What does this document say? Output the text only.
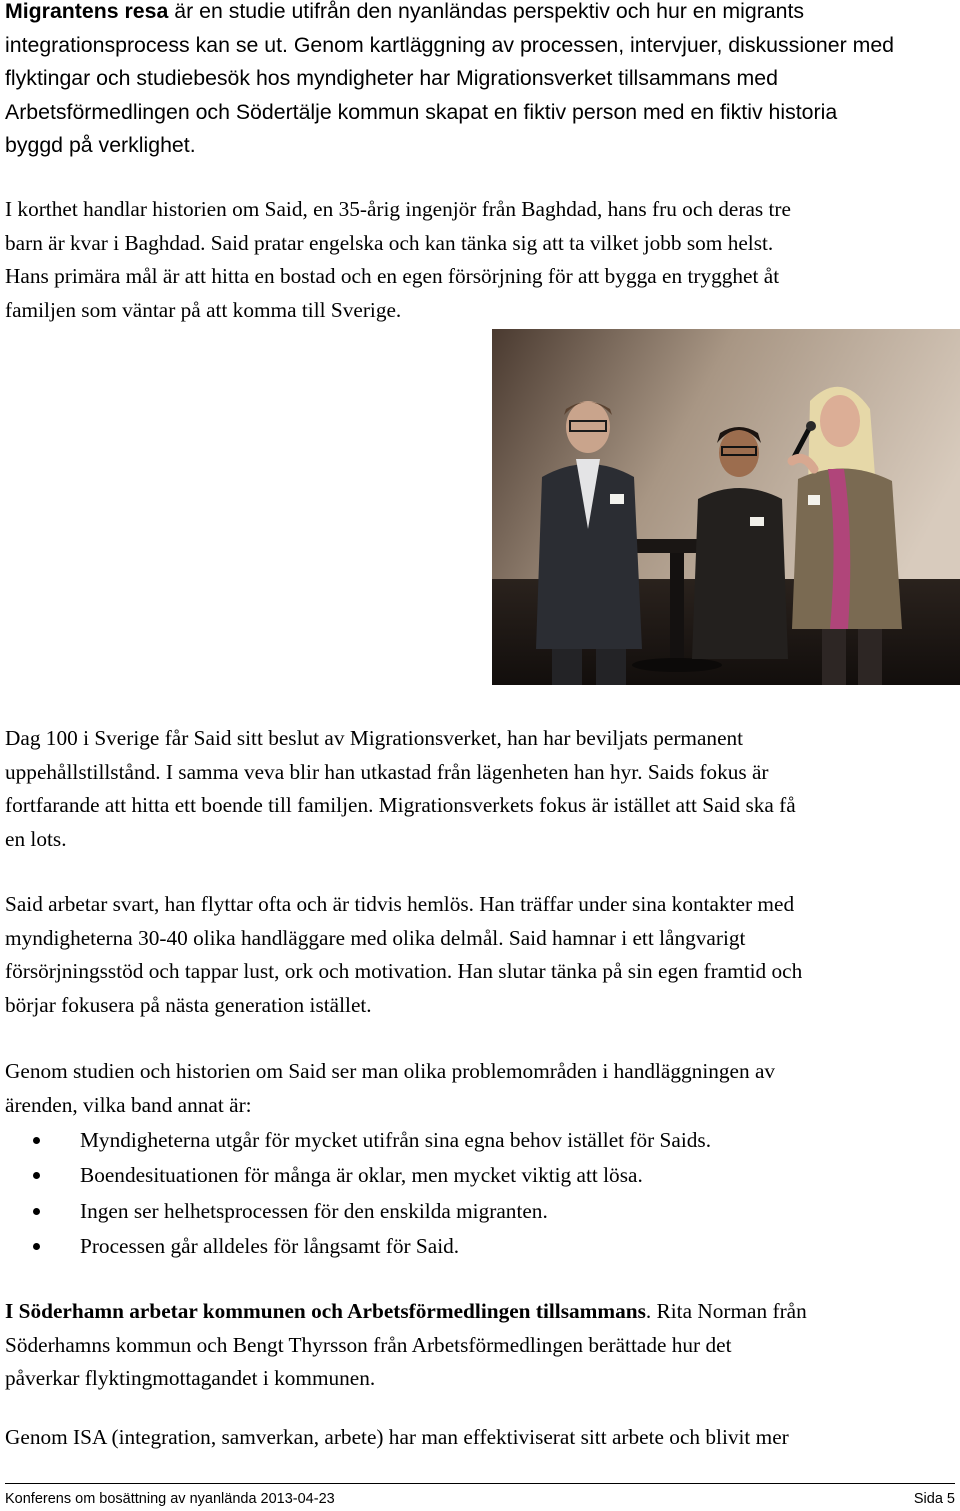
Migrantens resa är en studie utifrån den nyanländas perspektiv och hur en migrants

integrationsprocess kan se ut. Genom kartläggning av processen, intervjuer, diskussioner med

flyktingar och studiebesök hos myndigheter har Migrationsverket tillsammans med

Arbetsförmedlingen och Södertälje kommun skapat en fiktiv person med en fiktiv historia

byggd på verklighet.

I korthet handlar historien om Said, en 35-årig ingenjör från Baghdad, hans fru och deras tre

barn är kvar i Baghdad. Said pratar engelska och kan tänka sig att ta vilket jobb som helst.

Hans primära mål är att hitta en bostad och en egen försörjning för att bygga en trygghet åt

familjen som väntar på att komma till Sverige.

Dag 100 i Sverige får Said sitt beslut av Migrationsverket, han har beviljats permanent

uppehållstillstånd. I samma veva blir han utkastad från lägenheten han hyr. Saids fokus är

fortfarande att hitta ett boende till familjen. Migrationsverkets fokus är istället att Said ska få

en lots.

Said arbetar svart, han flyttar ofta och är tidvis hemlös. Han träffar under sina kontakter med

myndigheterna 30-40 olika handläggare med olika delmål. Said hamnar i ett långvarigt

försörjningsstöd och tappar lust, ork och motivation. Han slutar tänka på sin egen framtid och

börjar fokusera på nästa generation istället.

Genom studien och historien om Said ser man olika problemområden i handläggningen av

ärenden, vilka band annat är:

Myndigheterna utgår för mycket utifrån sina egna behov istället för Saids.
Boendesituationen för många är oklar, men mycket viktig att lösa.
Ingen ser helhetsprocessen för den enskilda migranten.
Processen går alldeles för långsamt för Said.

I Söderhamn arbetar kommunen och Arbetsförmedlingen tillsammans. Rita Norman från

Söderhamns kommun och Bengt Thyrsson från Arbetsförmedlingen berättade hur det

påverkar flyktingmottagandet i kommunen.

Genom ISA (integration, samverkan, arbete) har man effektiviserat sitt arbete och blivit mer

Konferens om bosättning av nyanlända 2013-04-23	Sida 5
